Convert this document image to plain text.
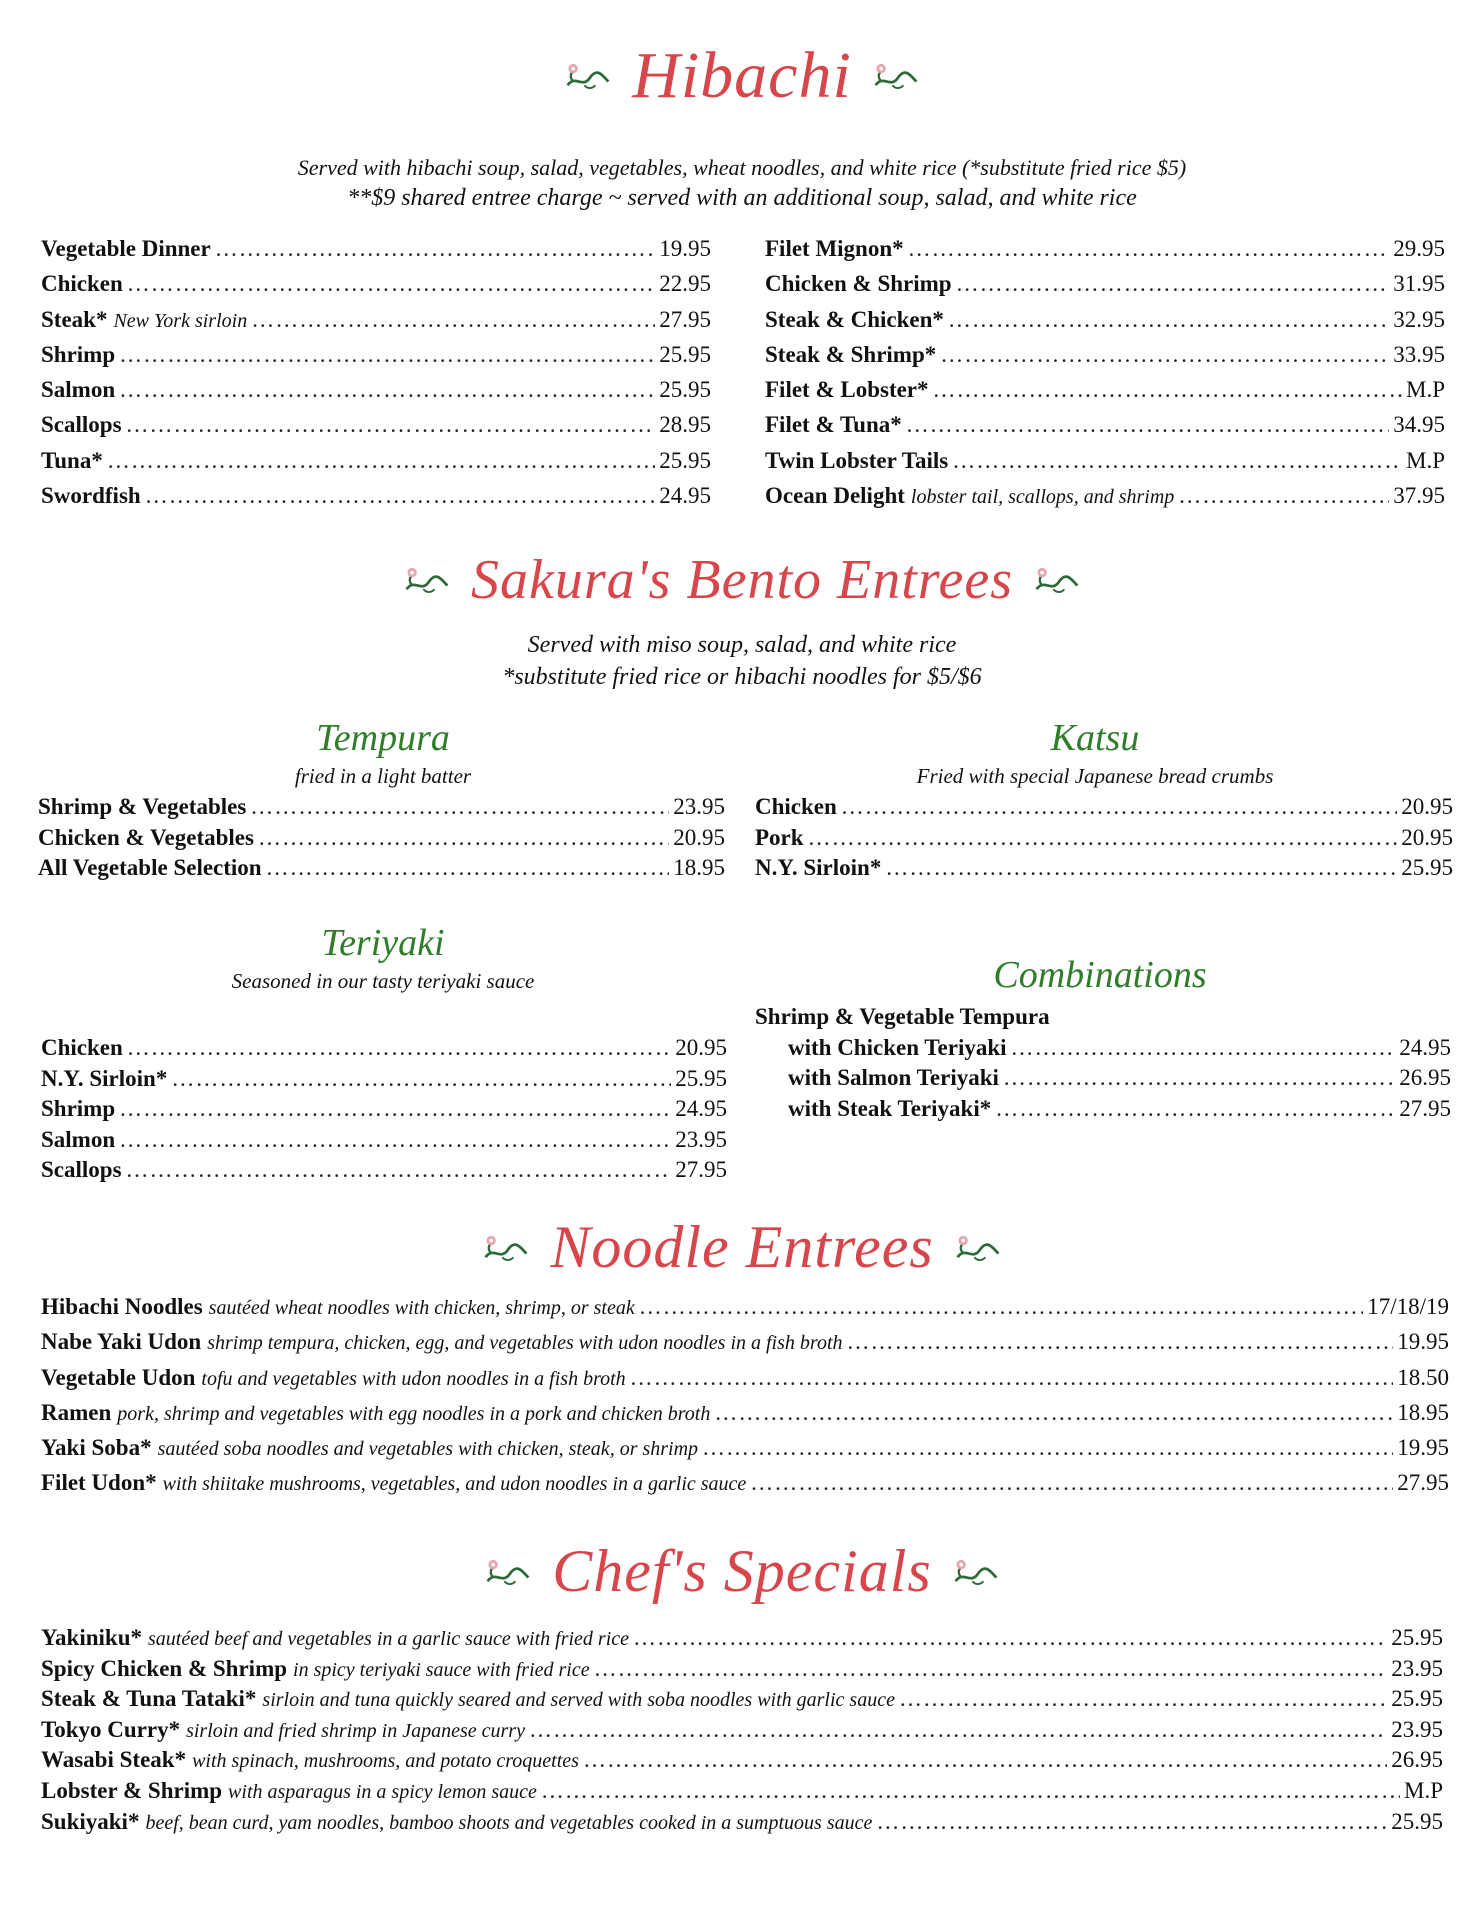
Hibachi
Served with hibachi soup, salad, vegetables, wheat noodles, and white rice (*substitute fried rice $5)
**$9 shared entree charge ~ served with an additional soup, salad, and white rice
Vegetable Dinner ……………………………………………………………………………………………………………………………………………………………………………………………………………………………	19.95
Chicken ……………………………………………………………………………………………………………………………………………………………………………………………………………………………	22.95
Steak* New York sirloin ……………………………………………………………………………………………………………………………………………………………………………………………………………………………	27.95
Shrimp ……………………………………………………………………………………………………………………………………………………………………………………………………………………………	25.95
Salmon ……………………………………………………………………………………………………………………………………………………………………………………………………………………………	25.95
Scallops ……………………………………………………………………………………………………………………………………………………………………………………………………………………………	28.95
Tuna* ……………………………………………………………………………………………………………………………………………………………………………………………………………………………	25.95
Swordfish ……………………………………………………………………………………………………………………………………………………………………………………………………………………………	24.95
Filet Mignon* ……………………………………………………………………………………………………………………………………………………………………………………………………………………………	29.95
Chicken & Shrimp ……………………………………………………………………………………………………………………………………………………………………………………………………………………………	31.95
Steak & Chicken* ……………………………………………………………………………………………………………………………………………………………………………………………………………………………	32.95
Steak & Shrimp* ……………………………………………………………………………………………………………………………………………………………………………………………………………………………	33.95
Filet & Lobster* ……………………………………………………………………………………………………………………………………………………………………………………………………………………………	M.P
Filet & Tuna* ……………………………………………………………………………………………………………………………………………………………………………………………………………………………	34.95
Twin Lobster Tails ……………………………………………………………………………………………………………………………………………………………………………………………………………………………	M.P
Ocean Delight lobster tail, scallops, and shrimp ……………………………………………………………………………………………………………………………………………………………………………………………………………………………	37.95
Sakura's Bento Entrees
Served with miso soup, salad, and white rice
*substitute fried rice or hibachi noodles for $5/$6
Tempura
fried in a light batter
Shrimp & Vegetables ……………………………………………………………………………………………………………………………………………………………………………………………………………………………	23.95
Chicken & Vegetables ……………………………………………………………………………………………………………………………………………………………………………………………………………………………	20.95
All Vegetable Selection ……………………………………………………………………………………………………………………………………………………………………………………………………………………………	18.95
Katsu
Fried with special Japanese bread crumbs
Chicken ……………………………………………………………………………………………………………………………………………………………………………………………………………………………	20.95
Pork ……………………………………………………………………………………………………………………………………………………………………………………………………………………………	20.95
N.Y. Sirloin* ……………………………………………………………………………………………………………………………………………………………………………………………………………………………	25.95
Teriyaki
Seasoned in our tasty teriyaki sauce
Chicken ……………………………………………………………………………………………………………………………………………………………………………………………………………………………	20.95
N.Y. Sirloin* ……………………………………………………………………………………………………………………………………………………………………………………………………………………………	25.95
Shrimp ……………………………………………………………………………………………………………………………………………………………………………………………………………………………	24.95
Salmon ……………………………………………………………………………………………………………………………………………………………………………………………………………………………	23.95
Scallops ……………………………………………………………………………………………………………………………………………………………………………………………………………………………	27.95
Combinations
Shrimp & Vegetable Tempura
with Chicken Teriyaki ……………………………………………………………………………………………………………………………………………………………………………………………………………………………	24.95
with Salmon Teriyaki ……………………………………………………………………………………………………………………………………………………………………………………………………………………………	26.95
with Steak Teriyaki* ……………………………………………………………………………………………………………………………………………………………………………………………………………………………	27.95
Noodle Entrees
Hibachi Noodles sautéed wheat noodles with chicken, shrimp, or steak ……………………………………………………………………………………………………………………………………………………………………………………………………………………………	17/18/19
Nabe Yaki Udon shrimp tempura, chicken, egg, and vegetables with udon noodles in a fish broth ……………………………………………………………………………………………………………………………………………………………………………………………………………………………	19.95
Vegetable Udon tofu and vegetables with udon noodles in a fish broth ……………………………………………………………………………………………………………………………………………………………………………………………………………………………	18.50
Ramen pork, shrimp and vegetables with egg noodles in a pork and chicken broth ……………………………………………………………………………………………………………………………………………………………………………………………………………………………	18.95
Yaki Soba* sautéed soba noodles and vegetables with chicken, steak, or shrimp ……………………………………………………………………………………………………………………………………………………………………………………………………………………………	19.95
Filet Udon* with shiitake mushrooms, vegetables, and udon noodles in a garlic sauce ……………………………………………………………………………………………………………………………………………………………………………………………………………………………	27.95
Chef's Specials
Yakiniku* sautéed beef and vegetables in a garlic sauce with fried rice ……………………………………………………………………………………………………………………………………………………………………………………………………………………………	25.95
Spicy Chicken & Shrimp in spicy teriyaki sauce with fried rice ……………………………………………………………………………………………………………………………………………………………………………………………………………………………	23.95
Steak & Tuna Tataki* sirloin and tuna quickly seared and served with soba noodles with garlic sauce ……………………………………………………………………………………………………………………………………………………………………………………………………………………………	25.95
Tokyo Curry* sirloin and fried shrimp in Japanese curry ……………………………………………………………………………………………………………………………………………………………………………………………………………………………	23.95
Wasabi Steak* with spinach, mushrooms, and potato croquettes ……………………………………………………………………………………………………………………………………………………………………………………………………………………………	26.95
Lobster & Shrimp with asparagus in a spicy lemon sauce ……………………………………………………………………………………………………………………………………………………………………………………………………………………………	M.P
Sukiyaki* beef, bean curd, yam noodles, bamboo shoots and vegetables cooked in a sumptuous sauce ……………………………………………………………………………………………………………………………………………………………………………………………………………………………	25.95
